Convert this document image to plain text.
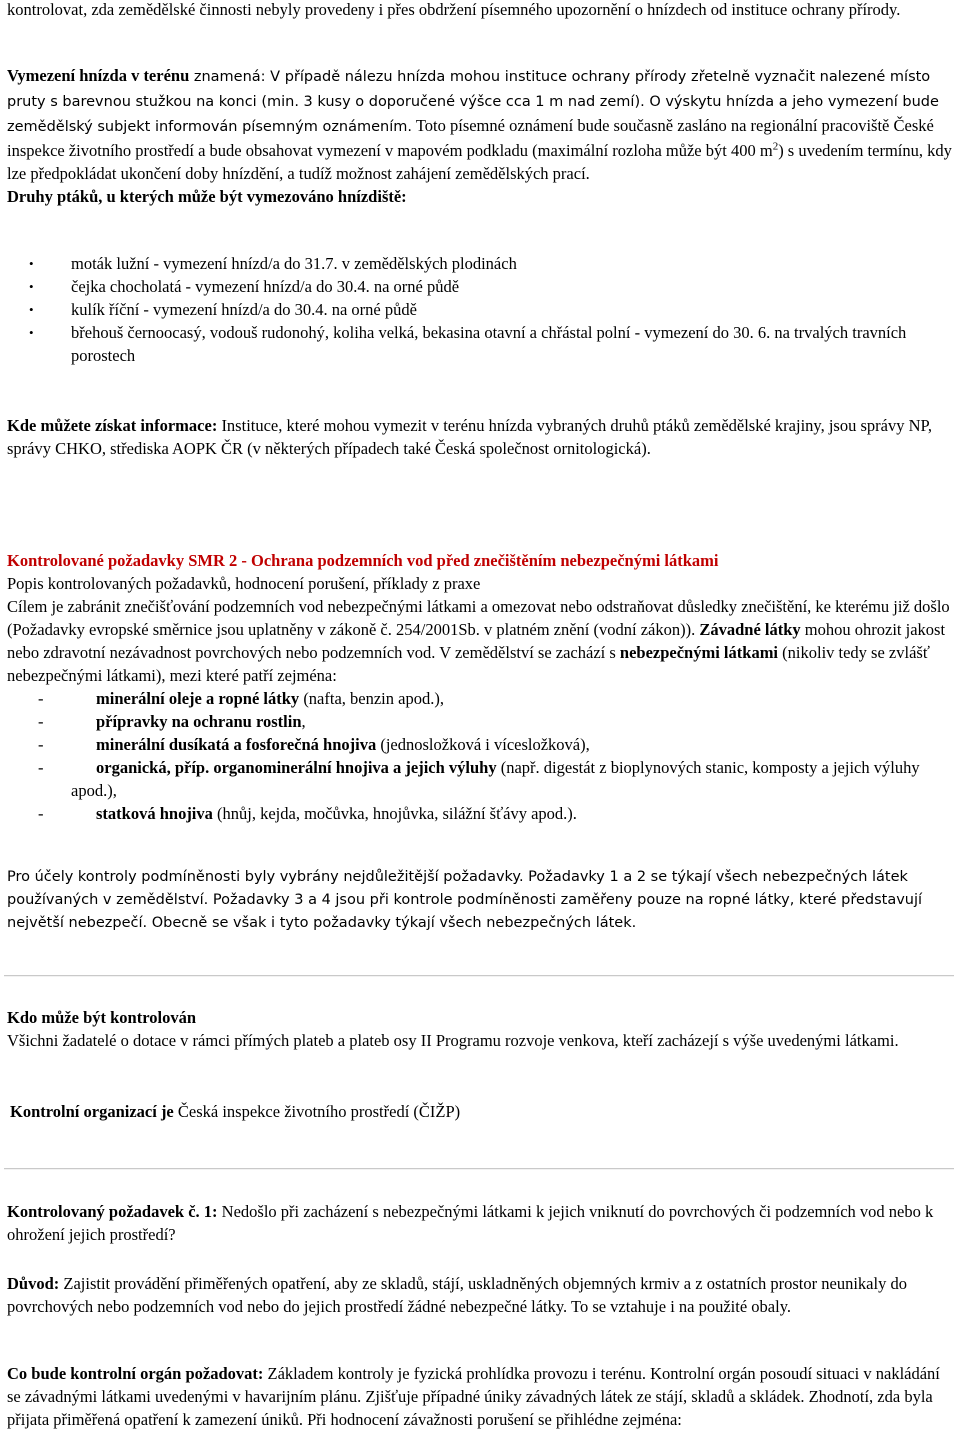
kontrolovat, zda zemědělské činnosti nebyly provedeny i přes obdržení písemného upozornění o hnízdech od instituce ochrany přírody.

Vymezení hnízda v terénu znamená: V případě nálezu hnízda mohou instituce ochrany přírody zřetelně vyznačit nalezené místo pruty s barevnou stužkou na konci (min. 3 kusy o doporučené výšce cca 1 m nad zemí). O výskytu hnízda a jeho vymezení bude zemědělský subjekt informován písemným oznámením. Toto písemné oznámení bude současně zasláno na regionální pracoviště České inspekce životního prostředí a bude obsahovat vymezení v mapovém podkladu (maximální rozloha může být 400 $m^2$) s uvedením termínu, kdy lze předpokládat ukončení doby hnízdění, a tudíž možnost zahájení zemědělských prací.

Druhy ptáků, u kterých může být vymezováno hnízdiště:

• moták lužní - vymezení hnízd/a do 31.7. v zemědělských plodinách
• čejka chocholatá - vymezení hnízd/a do 30.4. na orné půdě
• kulík říční - vymezení hnízd/a do 30.4. na orné půdě
• břehouš černoocasý, vodouš rudonohý, koliha velká, bekasina otavní a chřástal polní - vymezení do 30. 6. na trvalých travních porostech

Kde můžete získat informace: Instituce, které mohou vymezit v terénu hnízda vybraných druhů ptáků zemědělské krajiny, jsou správy NP, správy CHKO, střediska AOPK ČR (v některých případech také Česká společnost ornitologická).

Kontrolované požadavky SMR 2 - Ochrana podzemních vod před znečištěním nebezpečnými látkami

Popis kontrolovaných požadavků, hodnocení porušení, příklady z praxe

Cílem je zabránit znečišťování podzemních vod nebezpečnými látkami a omezovat nebo odstraňovat důsledky znečištění, ke kterému již došlo (Požadavky evropské směrnice jsou uplatněny v zákoně č. 254/2001Sb. v platném znění (vodní zákon)). Závadné látky mohou ohrozit jakost nebo zdravotní nezávadnost povrchových nebo podzemních vod. V zemědělství se zachází s nebezpečnými látkami (nikoliv tedy se zvlášť nebezpečnými látkami), mezi které patří zejména:

- minerální oleje a ropné látky (nafta, benzin apod.),
- přípravky na ochranu rostlin,
- minerální dusíkatá a fosforečná hnojiva (jednosložková i vícesložková),
- organická, příp. organominerální hnojiva a jejich výluhy (např. digestát z bioplynových stanic, komposty a jejich výluhy apod.),
- statková hnojiva (hnůj, kejda, močůvka, hnojůvka, silážní šťávy apod.).

Pro účely kontroly podmíněnosti byly vybrány nejdůležitější požadavky. Požadavky 1 a 2 se týkají všech nebezpečných látek používaných v zemědělství. Požadavky 3 a 4 jsou při kontrole podmíněnosti zaměřeny pouze na ropné látky, které představují největší nebezpečí. Obecně se však i tyto požadavky týkají všech nebezpečných látek.

Kdo může být kontrolován

Všichni žadatelé o dotace v rámci přímých plateb a plateb osy II Programu rozvoje venkova, kteří zacházejí s výše uvedenými látkami.

Kontrolní organizací je Česká inspekce životního prostředí (ČIŽP)

Kontrolovaný požadavek č. 1: Nedošlo při zacházení s nebezpečnými látkami k jejich vniknutí do povrchových či podzemních vod nebo k ohrožení jejich prostředí?

Důvod: Zajistit provádění přiměřených opatření, aby ze skladů, stájí, uskladněných objemných krmiv a z ostatních prostor neunikaly do povrchových nebo podzemních vod nebo do jejich prostředí žádné nebezpečné látky. To se vztahuje i na použité obaly.

Co bude kontrolní orgán požadovat: Základem kontroly je fyzická prohlídka provozu i terénu. Kontrolní orgán posoudí situaci v nakládání se závadnými látkami uvedenými v havarijním plánu. Zjišťuje případné úniky závadných látek ze stájí, skladů a skládek. Zhodnotí, zda byla přijata přiměřená opatření k zamezení úniků. Při hodnocení závažnosti porušení se přihlédne zejména:
